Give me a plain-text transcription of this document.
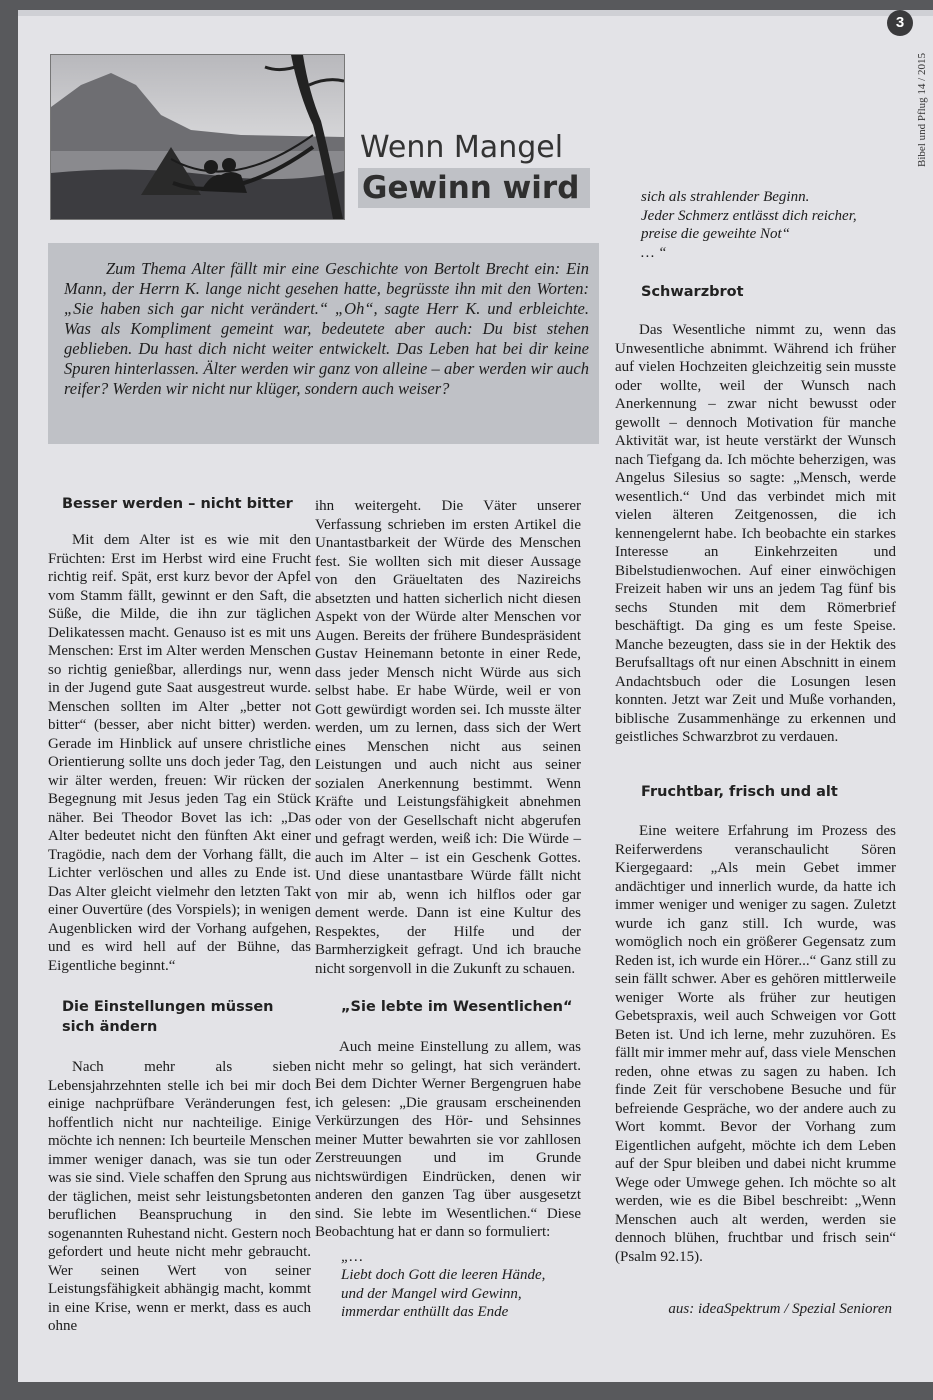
3
Bibel und Pflug 14 / 2015
Wenn Mangel
Gewinn wird

Zum Thema Alter fällt mir eine Geschichte von Bertolt Brecht ein: Ein Mann, der Herrn K. lange nicht gesehen hatte, begrüsste ihn mit den Worten: „Sie haben sich gar nicht verändert.“ „Oh“, sagte Herr K. und erbleichte. Was als Kompliment gemeint war, bedeutete aber auch: Du bist stehen geblieben. Du hast dich nicht weiter entwickelt. Das Leben hat bei dir keine Spuren hinterlassen. Älter werden wir ganz von alleine – aber werden wir auch reifer? Werden wir nicht nur klüger, sondern auch weiser?

Besser werden – nicht bitter

Mit dem Alter ist es wie mit den Früchten: Erst im Herbst wird eine Frucht richtig reif. Spät, erst kurz bevor der Apfel vom Stamm fällt, gewinnt er den Saft, die Süße, die Milde, die ihn zur täglichen Delikatessen macht. Genauso ist es mit uns Menschen: Erst im Alter werden Menschen so richtig genießbar, allerdings nur, wenn in der Jugend gute Saat ausgestreut wurde. Menschen sollten im Alter „better not bitter“ (besser, aber nicht bitter) werden. Gerade im Hinblick auf unsere christliche Orientierung sollte uns doch jeder Tag, den wir älter werden, freuen: Wir rücken der Begegnung mit Jesus jeden Tag ein Stück näher. Bei Theodor Bovet las ich: „Das Alter bedeutet nicht den fünften Akt einer Tragödie, nach dem der Vorhang fällt, die Lichter verlöschen und alles zu Ende ist. Das Alter gleicht vielmehr den letzten Takt einer Ouvertüre (des Vorspiels); in wenigen Augenblicken wird der Vorhang aufgehen, und es wird hell auf der Bühne, das Eigentliche beginnt.“

Die Einstellungen müssen sich ändern

Nach mehr als sieben Lebensjahrzehnten stelle ich bei mir doch einige nachprüfbare Veränderungen fest, hoffentlich nicht nur nachteilige. Einige möchte ich nennen: Ich beurteile Menschen immer weniger danach, was sie tun oder was sie sind. Viele schaffen den Sprung aus der täglichen, meist sehr leistungsbetonten beruflichen Beanspruchung in den sogenannten Ruhestand nicht. Gestern noch gefordert und heute nicht mehr gebraucht. Wer seinen Wert von seiner Leistungsfähigkeit abhängig macht, kommt in eine Krise, wenn er merkt, dass es auch ohne

ihn weitergeht. Die Väter unserer Verfassung schrieben im ersten Artikel die Unantastbarkeit der Würde des Menschen fest. Sie wollten sich mit dieser Aussage von den Gräueltaten des Nazireichs absetzten und hatten sicherlich nicht diesen Aspekt von der Würde alter Menschen vor Augen. Bereits der frühere Bundespräsident Gustav Heinemann betonte in einer Rede, dass jeder Mensch nicht Würde aus sich selbst habe. Er habe Würde, weil er von Gott gewürdigt worden sei. Ich musste älter werden, um zu lernen, dass sich der Wert eines Menschen nicht aus seinen Leistungen und auch nicht aus seiner sozialen Anerkennung bestimmt. Wenn Kräfte und Leistungsfähigkeit abnehmen oder von der Gesellschaft nicht abgerufen und gefragt werden, weiß ich: Die Würde – auch im Alter – ist ein Geschenk Gottes. Und diese unantastbare Würde fällt nicht von mir ab, wenn ich hilflos oder gar dement werde. Dann ist eine Kultur des Respektes, der Hilfe und der Barmherzigkeit gefragt. Und ich brauche nicht sorgenvoll in die Zukunft zu schauen.

„Sie lebte im Wesentlichen“

Auch meine Einstellung zu allem, was nicht mehr so gelingt, hat sich verändert. Bei dem Dichter Werner Bergengruen habe ich gelesen: „Die grausam erscheinenden Verkürzungen des Hör- und Sehsinnes meiner Mutter bewahrten sie vor zahllosen Zerstreuungen und im Grunde nichtswürdigen Eindrücken, denen wir anderen den ganzen Tag über ausgesetzt sind. Sie lebte im Wesentlichen.“ Diese Beobachtung hat er dann so formuliert:

„…

Liebt doch Gott die leeren Hände,

und der Mangel wird Gewinn,

immerdar enthüllt das Ende

sich als strahlender Beginn.

Jeder Schmerz entlässt dich reicher,

preise die geweihte Not“

… “

Schwarzbrot

Das Wesentliche nimmt zu, wenn das Unwesentliche abnimmt. Während ich früher auf vielen Hochzeiten gleichzeitig sein musste oder wollte, weil der Wunsch nach Anerkennung – zwar nicht bewusst oder gewollt – dennoch Motivation für manche Aktivität war, ist heute verstärkt der Wunsch nach Tiefgang da. Ich möchte beherzigen, was Angelus Silesius so sagte: „Mensch, werde wesentlich.“ Und das verbindet mich mit vielen älteren Zeitgenossen, die ich kennengelernt habe. Ich beobachte ein starkes Interesse an Einkehrzeiten und Bibelstudienwochen. Auf einer einwöchigen Freizeit haben wir uns an jedem Tag fünf bis sechs Stunden mit dem Römerbrief beschäftigt. Da ging es um feste Speise. Manche bezeugten, dass sie in der Hektik des Berufsalltags oft nur einen Abschnitt in einem Andachtsbuch oder die Losungen lesen konnten. Jetzt war Zeit und Muße vorhanden, biblische Zusammenhänge zu erkennen und geistliches Schwarzbrot zu verdauen.

Fruchtbar, frisch und alt

Eine weitere Erfahrung im Prozess des Reiferwerdens veranschaulicht Sören Kiergegaard: „Als mein Gebet immer andächtiger und innerlich wurde, da hatte ich immer weniger und weniger zu sagen. Zuletzt wurde ich ganz still. Ich wurde, was womöglich noch ein größerer Gegensatz zum Reden ist, ich wurde ein Hörer...“ Ganz still zu sein fällt schwer. Aber es gehören mittlerweile weniger Worte als früher zur heutigen Gebetspraxis, weil auch Schweigen vor Gott Beten ist. Und ich lerne, mehr zuzuhören. Es fällt mir immer mehr auf, dass viele Menschen reden, ohne etwas zu sagen zu haben. Ich finde Zeit für verschobene Besuche und für befreiende Gespräche, wo der andere auch zu Wort kommt. Bevor der Vorhang zum Eigentlichen aufgeht, möchte ich dem Leben auf der Spur bleiben und dabei nicht krumme Wege oder Umwege gehen. Ich möchte so alt werden, wie es die Bibel beschreibt: „Wenn Menschen auch alt werden, werden sie dennoch blühen, fruchtbar und frisch sein“ (Psalm 92.15).

aus: ideaSpektrum / Spezial Senioren
